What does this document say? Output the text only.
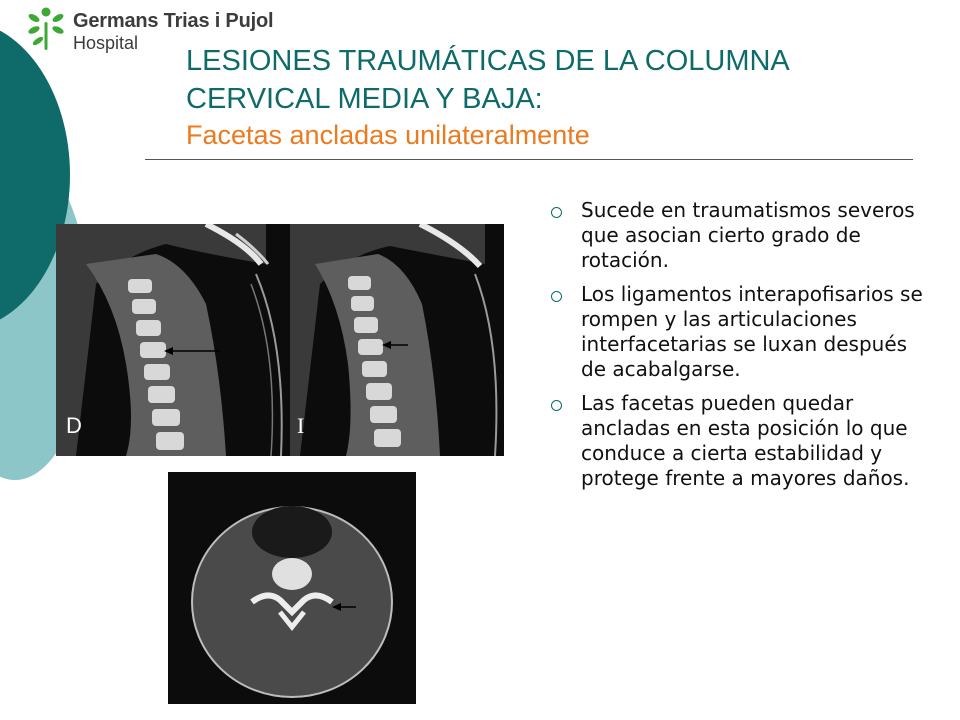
Germans Trias i Pujol
Hospital
LESIONES TRAUMÁTICAS DE LA COLUMNA
CERVICAL MEDIA Y BAJA:
Facetas ancladas unilateralmente
D	I
Sucede en traumatismos severos que asocian cierto grado de rotación.
Los ligamentos interapofisarios se rompen y las articulaciones interfacetarias se luxan después de acabalgarse.
Las facetas pueden quedar ancladas en esta posición lo que conduce a cierta estabilidad y protege frente a mayores daños.
